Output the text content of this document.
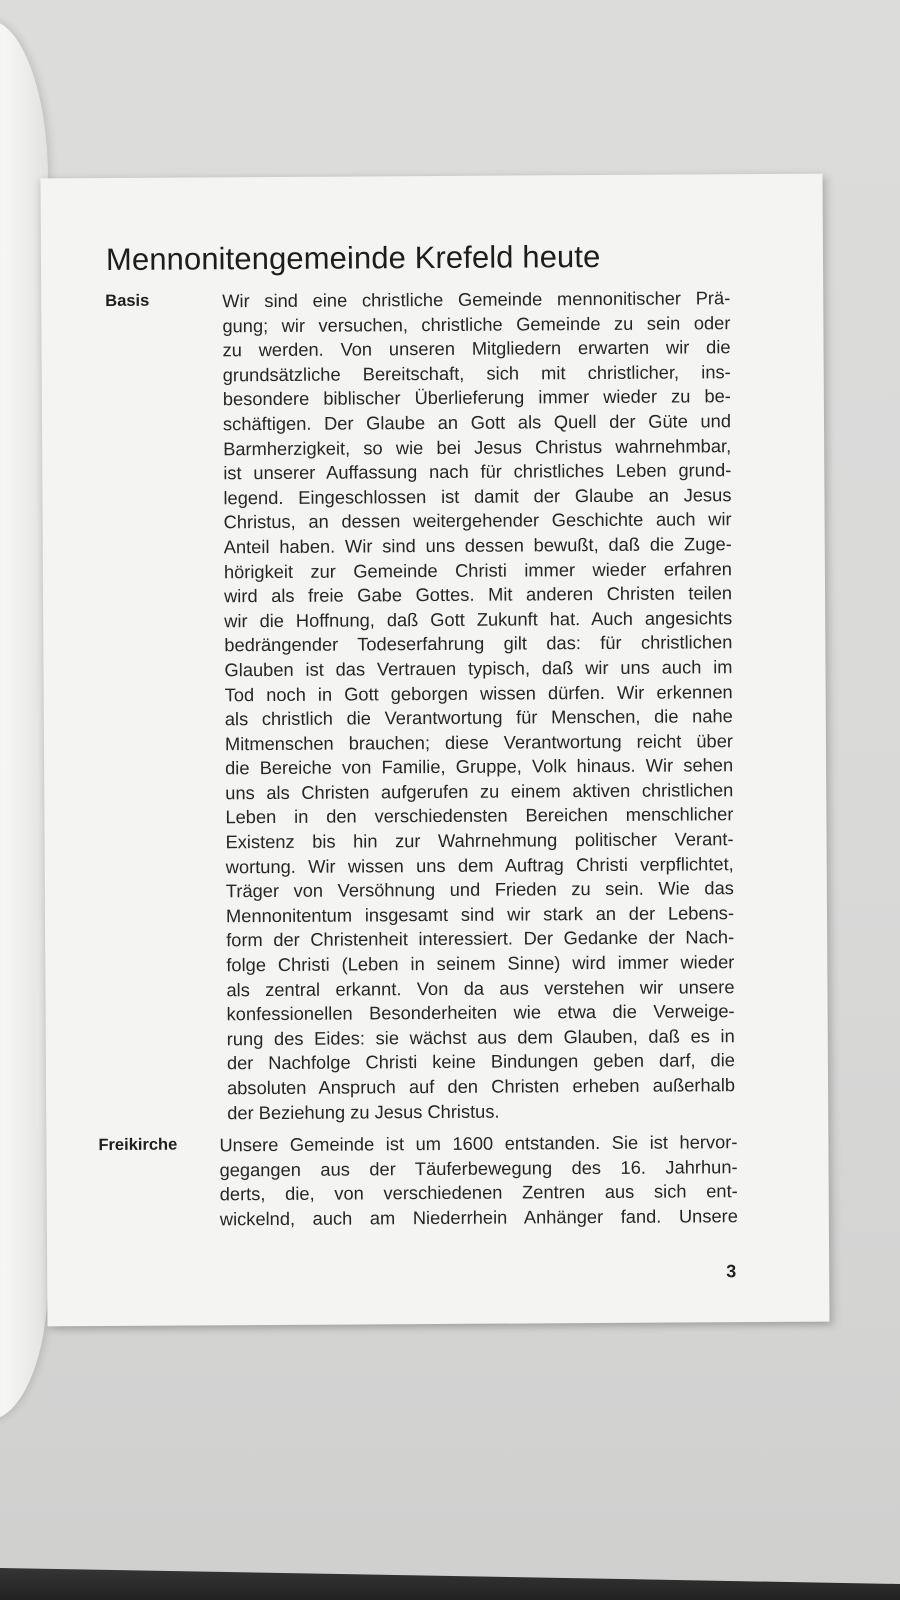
Mennonitengemeinde Krefeld heute
Basis	Wir sind eine christliche Gemeinde mennonitischer Prä-
gung; wir versuchen, christliche Gemeinde zu sein oder
zu werden. Von unseren Mitgliedern erwarten wir die
grundsätzliche Bereitschaft, sich mit christlicher, ins-
besondere biblischer Überlieferung immer wieder zu be-
schäftigen. Der Glaube an Gott als Quell der Güte und
Barmherzigkeit, so wie bei Jesus Christus wahrnehmbar,
ist unserer Auffassung nach für christliches Leben grund-
legend. Eingeschlossen ist damit der Glaube an Jesus
Christus, an dessen weitergehender Geschichte auch wir
Anteil haben. Wir sind uns dessen bewußt, daß die Zuge-
hörigkeit zur Gemeinde Christi immer wieder erfahren
wird als freie Gabe Gottes. Mit anderen Christen teilen
wir die Hoffnung, daß Gott Zukunft hat. Auch angesichts
bedrängender Todeserfahrung gilt das: für christlichen
Glauben ist das Vertrauen typisch, daß wir uns auch im
Tod noch in Gott geborgen wissen dürfen. Wir erkennen
als christlich die Verantwortung für Menschen, die nahe
Mitmenschen brauchen; diese Verantwortung reicht über
die Bereiche von Familie, Gruppe, Volk hinaus. Wir sehen
uns als Christen aufgerufen zu einem aktiven christlichen
Leben in den verschiedensten Bereichen menschlicher
Existenz bis hin zur Wahrnehmung politischer Verant-
wortung. Wir wissen uns dem Auftrag Christi verpflichtet,
Träger von Versöhnung und Frieden zu sein. Wie das
Mennonitentum insgesamt sind wir stark an der Lebens-
form der Christenheit interessiert. Der Gedanke der Nach-
folge Christi (Leben in seinem Sinne) wird immer wieder
als zentral erkannt. Von da aus verstehen wir unsere
konfessionellen Besonderheiten wie etwa die Verweige-
rung des Eides: sie wächst aus dem Glauben, daß es in
der Nachfolge Christi keine Bindungen geben darf, die
absoluten Anspruch auf den Christen erheben außerhalb
der Beziehung zu Jesus Christus.
Freikirche Unsere Gemeinde ist um 1600 entstanden. Sie ist hervor-
gegangen aus der Täuferbewegung des 16. Jahrhun-
derts, die, von verschiedenen Zentren aus sich ent-
wickelnd, auch am Niederrhein Anhänger fand. Unsere
3
